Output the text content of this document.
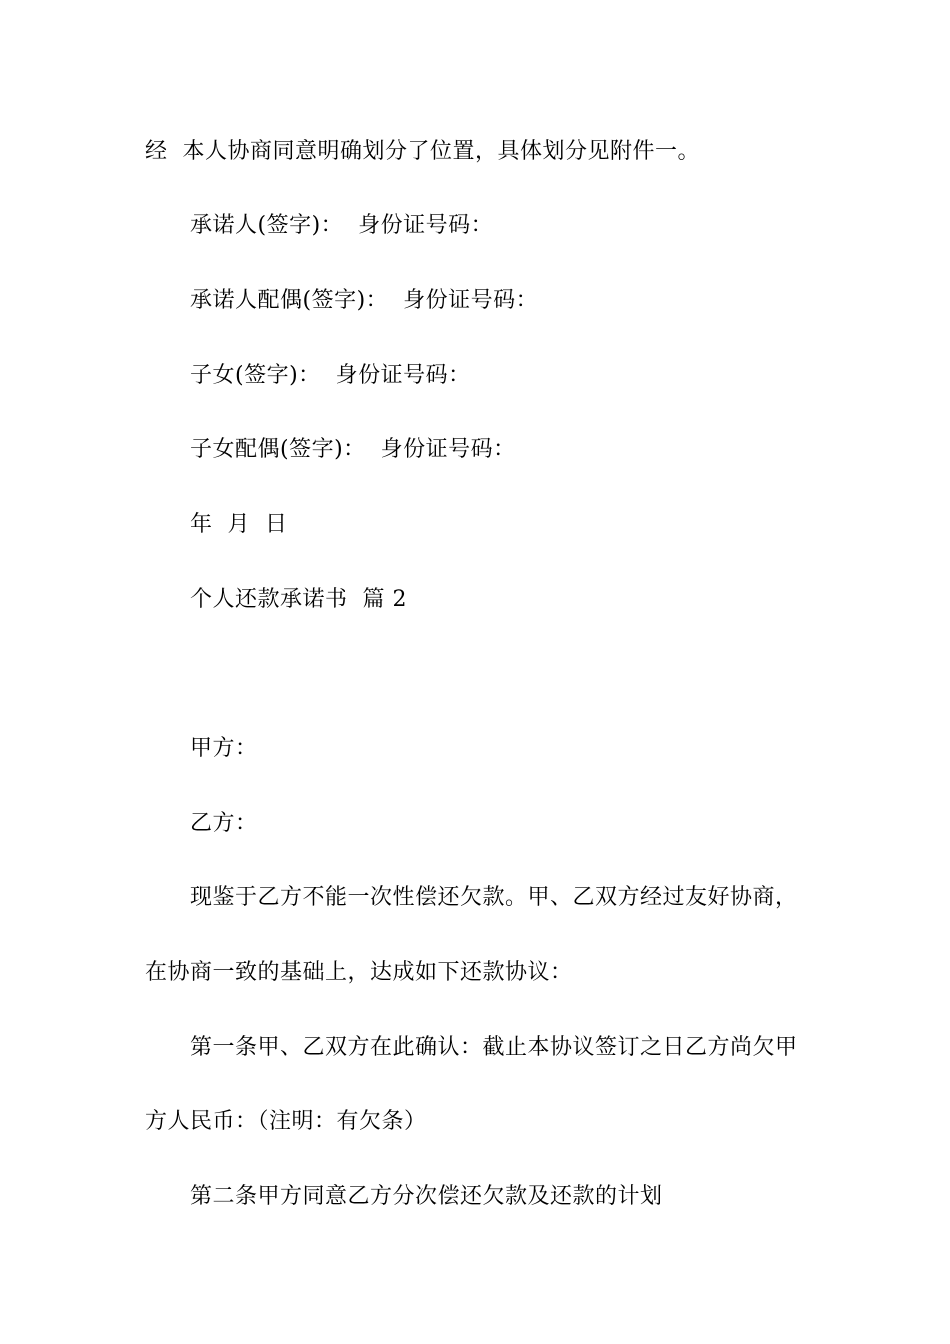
经  本人协商同意明确划分了位置，具体划分见附件一。
承诺人(签字)：  身份证号码：
承诺人配偶(签字)：  身份证号码：
子女(签字)：  身份证号码：
子女配偶(签字)：  身份证号码：
年  月  日
个人还款承诺书  篇 2
甲方：
乙方：
现鉴于乙方不能一次性偿还欠款。甲、乙双方经过友好协商，
在协商一致的基础上，达成如下还款协议：
第一条甲、乙双方在此确认：截止本协议签订之日乙方尚欠甲
方人民币：（注明：有欠条）
第二条甲方同意乙方分次偿还欠款及还款的计划
